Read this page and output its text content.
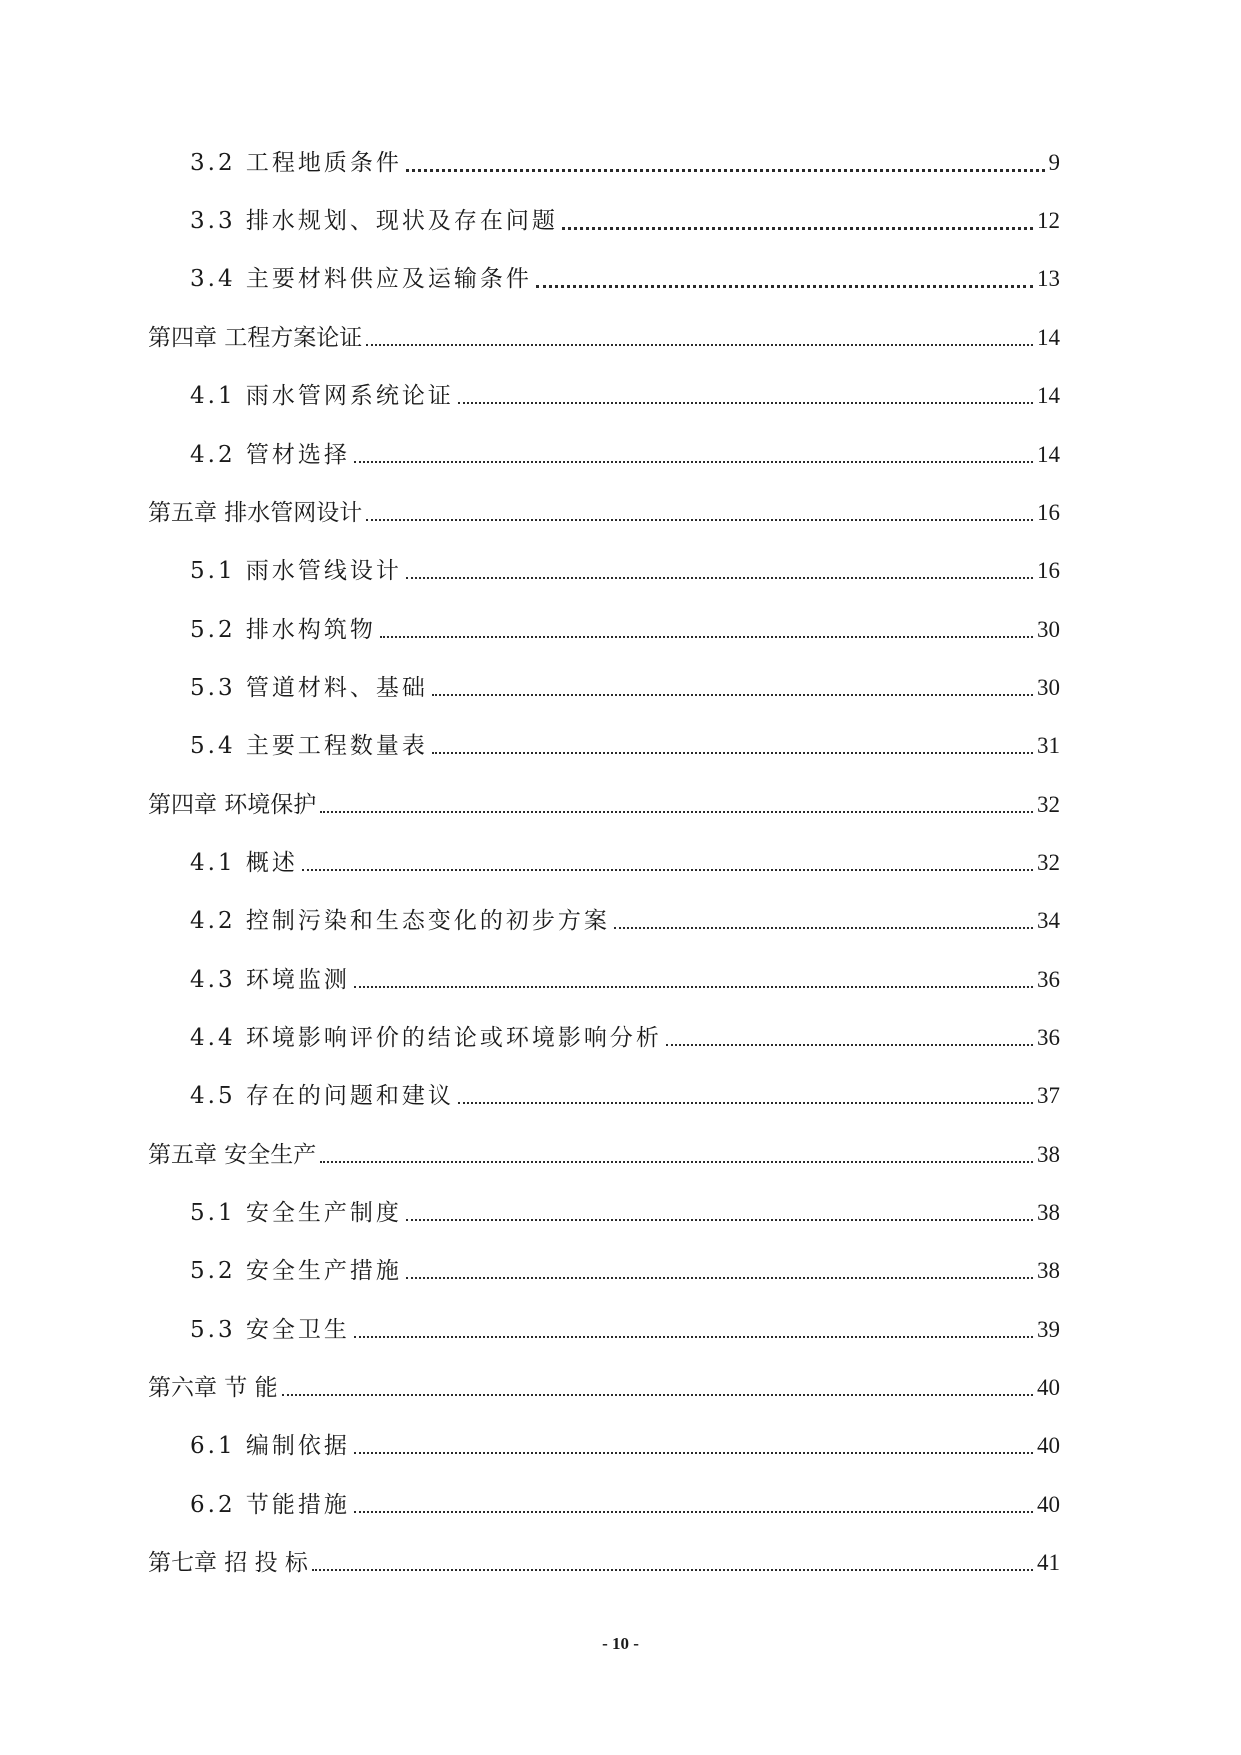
3.2 工程地质条件	9
3.3 排水规划、现状及存在问题	12
3.4 主要材料供应及运输条件	13
第四章 工程方案论证	14
4.1 雨水管网系统论证	14
4.2 管材选择	14
第五章 排水管网设计	16
5.1 雨水管线设计	16
5.2 排水构筑物	30
5.3 管道材料、基础	30
5.4 主要工程数量表	31
第四章 环境保护	32
4.1 概述	32
4.2 控制污染和生态变化的初步方案	34
4.3 环境监测	36
4.4 环境影响评价的结论或环境影响分析	36
4.5 存在的问题和建议	37
第五章 安全生产	38
5.1 安全生产制度	38
5.2 安全生产措施	38
5.3 安全卫生	39
第六章 节 能	40
6.1 编制依据	40
6.2 节能措施	40
第七章 招 投 标	41
- 10 -
